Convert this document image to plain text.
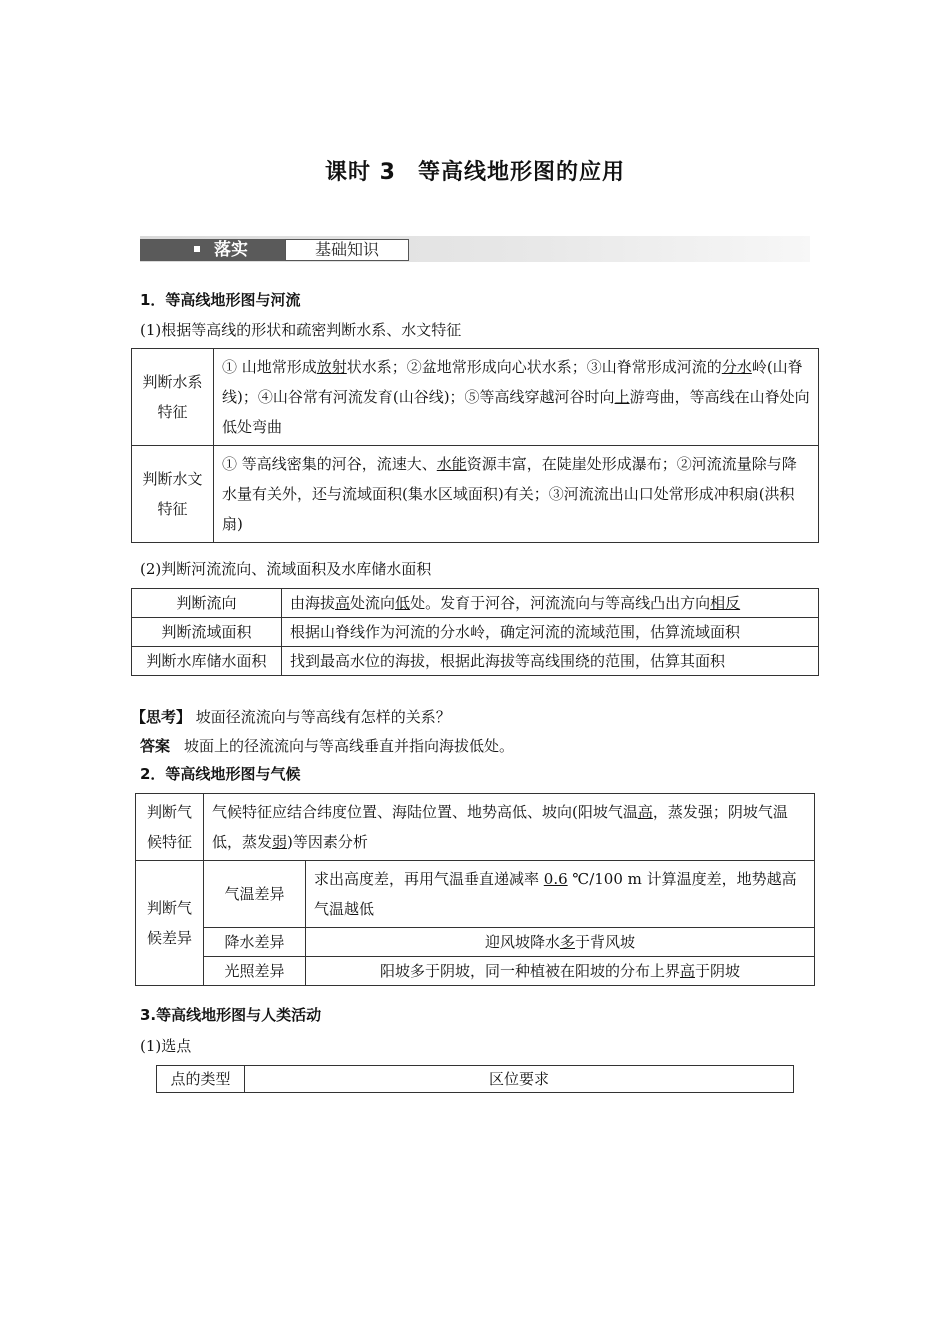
课时 3 等高线地形图的应用
落实	基础知识
1．等高线地形图与河流
(1)根据等高线的形状和疏密判断水系、水文特征
判断水系特征	① 山地常形成放射状水系；②盆地常形成向心状水系；③山脊常形成河流的分水岭(山脊线)；④山谷常有河流发育(山谷线)；⑤等高线穿越河谷时向上游弯曲，等高线在山脊处向低处弯曲
判断水文特征	① 等高线密集的河谷，流速大、水能资源丰富，在陡崖处形成瀑布；②河流流量除与降水量有关外，还与流域面积(集水区域面积)有关；③河流流出山口处常形成冲积扇(洪积扇)
(2)判断河流流向、流域面积及水库储水面积
判断流向	由海拔高处流向低处。发育于河谷，河流流向与等高线凸出方向相反
判断流域面积	根据山脊线作为河流的分水岭，确定河流的流域范围，估算流域面积
判断水库储水面积	找到最高水位的海拔，根据此海拔等高线围绕的范围，估算其面积
【思考】 坡面径流流向与等高线有怎样的关系？
答案 坡面上的径流流向与等高线垂直并指向海拔低处。
2．等高线地形图与气候
判断气候特征	气候特征应结合纬度位置、海陆位置、地势高低、坡向(阳坡气温高，蒸发强；阴坡气温低，蒸发弱)等因素分析	
判断气候差异	气温差异	求出高度差，再用气温垂直递减率 0.6 ℃/100 m 计算温度差，地势越高气温越低
	降水差异	迎风坡降水多于背风坡
	光照差异	阳坡多于阴坡，同一种植被在阳坡的分布上界高于阴坡
3.等高线地形图与人类活动
(1)选点
点的类型	区位要求
